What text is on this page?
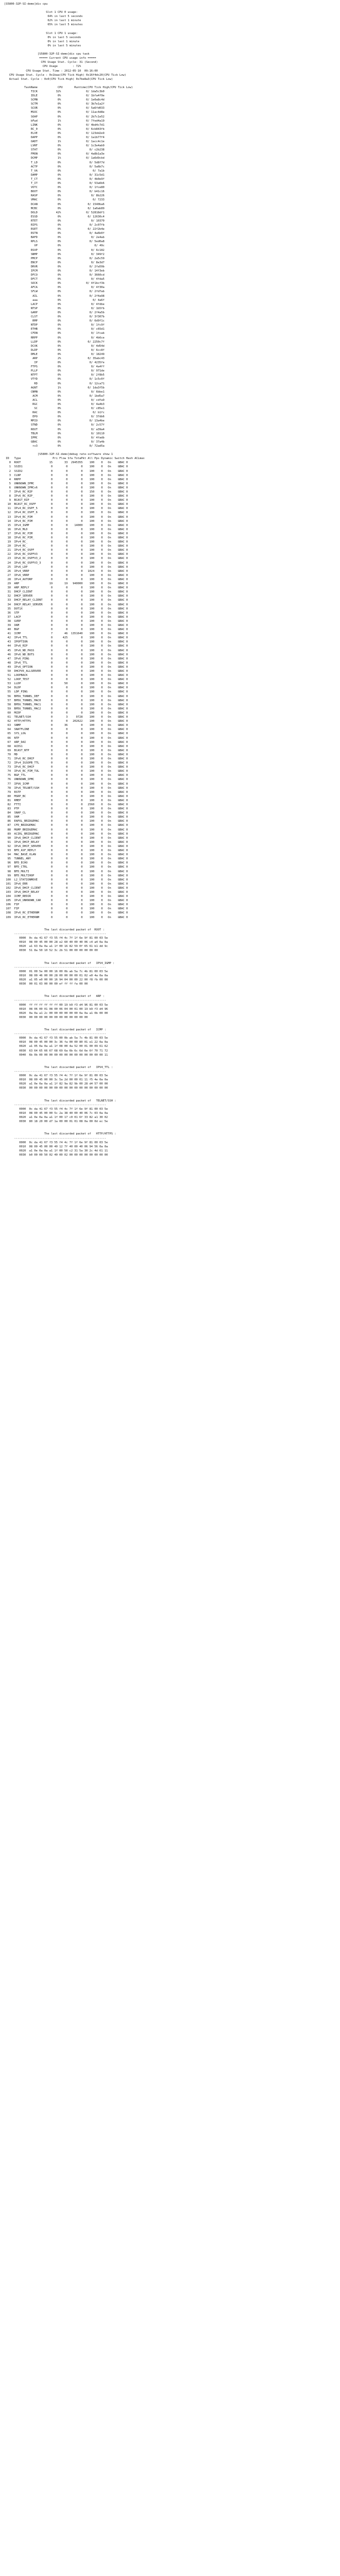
[S5800-32P-SI-demo]dis cpu
Slot 1 CPU 0 usage:
64% in last 5 seconds
62% in last 1 minute
65% in last 5 minutes
Slot 1 CPU 1 usage:
0% in last 5 seconds
0% in last 1 minute
0% in last 5 minutes
[S5800-32P-SI-demo]dis cpu task
===== Current CPU usage info =====
CPU Usage Stat. Cycle: 31 (Second)
CPU Usage         : 72%
CPU Usage Stat. Time : 2012-05-10  09:16:00
CPU Usage Stat. Cycle : 0x1baa(CPU Tick High) 0x16f4dc20(CPU Tick Low)
Actual Stat. Cycle : 0x0(CPU Tick High) 0x7be8a3(CPU Tick Low)
TaskName            CPU       Runtime(CPU Tick High/CPU Tick Low)
TICK           32%               0/ 1da5c3b0
IDLE            0%               0/ 1bfa4f9e
SCMN            0%               0/ 1e0a8c4d
SCTM            0%               0/ 3b7e1a2f
SCOR            0%               0/ 5a6fd033
MSOC            0%               0/ 11ac4d8e
SOAP            0%               0/ 2b7c1e52
bFwd            1%               0/ 7fed4a19
LINK            0%               0/ 4bd4c7d1
RC_0            0%               0/ 6cb843fb
ELVE            0%               0/ 123dd2e9
DAPP            0%               0/ 1a1b77f4
OADT            1%               0/ 1acc4c1e
LVRF            0%               0/ 1c3e4ab9
STAT            0%                 0/ c2b238
FMON            0%               0/ 4a8b1a3e
DCMP            1%               0/ 1a6d9cbd
T_LD            0%                 0/ 5d8f7d
ACTP            0%                 0/ 5a6b7c
T_VA            0%                   0/ 7a1b
DAMP            0%                 0/ 31c5d1
T_CT            0%                 0/ 4b0e9f
T_IT            0%                 0/ 53a6b6
VOTC            0%                 0/ 1fce80
BOOT            0%                 0/ b41c16
RASP            0%                  0/ 8b226
VMAC            0%                   0/ 7233
DCAN            0%                0/ 1540ba6
MCBC            0%                0/ 1a6ab89
DOLD           42%               0/ 52818df1
ESSD            0%                0/ 12630c4
RTET            0%                  0/ 10370
RIPS            0%                 0/ 2c07fb
RSET            0%                0/ 22f2b4e
RSTN            0%                 0/ 4a6b0f
BAFD            0%                  0/ 2e4ab
RPLS            0%                 0/ 5ed0a8
VP            0%                    0/ 49c
RSVP            0%                  0/ 6c182
SNMP            0%                  0/ 349f2
PMCP            0%                 0/ 2a5c59
ENCP            0%                  0/ 8e3d7
DRVR            0%                 0/ 2fa59b
IPCM            0%                 0/ 14f3eb
DFCO            0%                 0/ 3660cd
DFCT            0%                  0/ 4fda5
SOCK            0%               0/ 4f1bcf3b
AFCA            0%                  0/ 4f30a
SFLW            0%                 0/ 2fd7ab
AIL            0%                 0/ 2f4a98
aaa            0%                   0/ 4a6f
LACP            0%                  0/ 4fdbe
NTSP            0%                  0/ 1b5fb
GARP            0%                 0/ 2f4a5b
CLST            0%                 0/ 3f307b
RMP            0%                 0/ 6d9f1c
NTDP            0%                  0/ 1fc9f
ETHB            0%                  0/ c65d1
CFDN            0%                  0/ 1fcab
RRPP            0%                  0/ 4b6ce
LLDP            0%                0/ 2250c7f
DCXK            0%                  0/ 4d54d
DLDP            0%                  0/ 6cc8f
DMLE            0%                  0/ 18249
ARP            2%                0/ 35abc43
IP            0%                 0/ 4235fe
FTPS            0%                  0/ 4a4ff
PLLP            0%                  0/ 971de
NTPT            0%                  0/ 2f8b5
VTYD            0%                 0/ 1c5c0f
RD            0%                 0/ 12ca71
AGNT            1%                0/ 1da3f5b
CNMN            0%                  0/ 6bbe1
ACM            0%                 0/ 1bd5a7
ACL            0%                  0/ cdfa9
RGC            0%                  0/ 4a4b3
SC            0%                  0/ c85e1
RAC            0%                   0/ b1fc
EPO            0%                  0/ 37db6
MPIO            0%                 0/ 13a4be
STND            0%                  0/ 2c57f
ROUT            0%                  0/ a39a4
TBLM            0%                  0/ 10110
IPMC            0%                  0/ 4fadb
GBAC            0%                  0/ 37a4b
+v3            0%                 0/ 72ad5a
[S5800-32P-SI-demo]debug rate-software show 1
ID   Type                   Pri Flow Sfa TotaPkt All Pps Dynamic Switch Hash ACLmax
0  ROOT                 15       33  2945355    100    0   On    GBAC 0
1  SSID1                 0        0        0    100    0   On    GBAC 0
2  SSID2                 0        0        0    100    0   On    GBAC 0
3  CLNP                  0        0        0    100    0   On    GBAC 0
4  RRPP                  0        0        0    100    0   On    GBAC 0
5  UNKNOWN_IPMC          0        0        0    100    0   On    GBAC 0
6  UNKNOWN_IPMCv6        0        0        0    100    0   On    GBAC 0
7  IPv6_RC_RIP           0        0        0    150    0   On    GBAC 0
8  IPv6_RC_RIP_          0        0        0    100    0   On    GBAC 0
9  BCAST_RIP             0        0        0    100    0   On    GBAC 0
10  BCAST_RC_OSPF         0        0        0    100    0   On    GBAC 0
11  IPv4_RC_OSPF_5        0        0        0    100    0   On    GBAC 0
12  IPv4_RC_OSPF_6        0        0        0    100    0   On    GBAC 0
13  IPv4_RC_PIM           0        0        0    100    0   On    GBAC 0
14  IPv4_RC_PIM           0        0        0    100    0   On    GBAC 0
15  IPv4_IGMP             0        0    14000    100    0   On    GBAC 0
16  IPv6_MLD              0        0        0    100    0   On    GBAC 0
17  IPv6_RC_PIM           0        0        0    100    0   On    GBAC 0
18  IPv6_RC_PIM_          0        0        0    100    0   On    GBAC 0
19  IPv4_RC_              0        0        0    100    0   On    GBAC 0
20  IPv4_RC_              0        0        0    100    0   On    GBAC 0
21  IPv4_RC_OSPF          0        0        0    100    0   On    GBAC 0
22  IPv6_RC_OSPFV3        0        0        0    100    0   On    GBAC 0
23  IPv6_RC_OSPFV3_2      0        0        0    100    0   On    GBAC 0
24  IPv6_RC_OSPFV3_3      0        0        0    100    0   On    GBAC 0
25  IPv6_LDP              0        0        0    100    0   On    GBAC 0
26  IPv4_VRRP             0        0        0   1024    0   On    GBAC 0
27  IPv6_VRRP             0        0        0    100    0   On    GBAC 0
28  IPv4_AUTORP           0        0        0    100    0   On    GBAC 0
29  ARP                  19       19   940000    100    0   On    GBAC 0
30  ARP_REPLY             0        0        0    100    0   On    GBAC 0
31  DHCP_CLIENT           0        0        0    100    0   On    GBAC 0
32  DHCP_SERVER           0        0        0    100    0   On    GBAC 0
33  DHCP_RELAY_CLIENT     0        0        0    100    0   On    GBAC 0
34  DHCP_RELAY_SERVER     0        0        0    100    0   On    GBAC 0
35  DOT1X                 0        0        0    100    0   On    GBAC 0
36  STP                   0        0        0    100    0   On    GBAC 0
37  LACP                  0        0        0    100    0   On    GBAC 0
38  GVRP                  0        0        0    100    0   On    GBAC 0
39  OAM                   0        0        0    100    0   On    GBAC 0
40  BGP                   0        0        0    100    0   On    GBAC 0
41  ICMP                  7       46  1351640    100    0   On    GBAC 0
42  IPv4_TTL              0      425        0    100    0   On    GBAC 0
43  IPOPTION              0        0        0    100    0   On    GBAC 0
44  IPv6_RIP              0        0        0    100    0   On    GBAC 0
45  IPv6_ND_PASS          0        0        0    100    0   On    GBAC 0
46  IPv6_ND_BOTS          0        0        0    100    0   On    GBAC 0
47  IPv6_PING             0        0        0    100    0   On    GBAC 0
48  IPv6_TTL              0        0        0    100    0   On    GBAC 0
49  IPv6_OPTION           0        0        0    100    0   On    GBAC 0
50  DHCPV6_ALLSERVER      0        0        0    100    0   On    GBAC 0
51  LOOPBACK              0        0        0    100    0   On    GBAC 0
52  LOOP_TEST             0        0        0    100    0   On    GBAC 0
53  LLDP                  0       50        0    100    0   On    GBAC 0
54  DLDP                  0        0        0    100    0   On    GBAC 0
55  LDP_PING              0        0        0    100    0   On    GBAC 0
56  BPDU_TUNNEL_DEF       0        0        0    100    0   On    GBAC 0
57  BPDU_TUNNEL_MAC0      0        0        0    100    0   On    GBAC 0
58  BPDU_TUNNEL_MAC1      0        0        0    100    0   On    GBAC 0
59  BPDU_TUNNEL_MAC2      0        0        0    100    0   On    GBAC 0
60  MCDP                  0        0        0    100    0   On    GBAC 0
61  TELNET/SSH            0        3     9728    100    0   On    GBAC 0
62  HTTP/HTTPS            0        0   202622    100    0   On    GBAC 0
63  SNMP                  0       36        0    100    0   On    GBAC 0
64  SNATFLINE             0        0        0    100    0   On    GBAC 0
65  SYS_LOG               0        0        0    100    0   On    GBAC 0
66  NTP                   0        0        0    100    0   On    GBAC 0
67  ARP_DAI               0        0        0    100    0   On    GBAC 0
68  ACDS1                 0        0        0    100    0   On    GBAC 0
69  BCAST_NTP             0        0        0    100    0   On    GBAC 0
70  MD                    0        0        0    100    0   On    GBAC 0
71  IPv6_RC_DHCP          0        0        0    100    0   On    GBAC 0
72  IPv4_IGSOPB_TTL       0        0        0    100    0   On    GBAC 0
73  IPv6_RC_DHCP          0        0        0    100    0   On    GBAC 0
74  IPv6_RC_PIM_TUL       0        0        0    100    0   On    GBAC 0
75  BGP_TTL               0        0        0    100    0   On    GBAC 0
76  UNKNOWN_IPMC          0        0        0    100    0   On    GBAC 0
77  IPV6_ICMP             0        0        0    100    0   On    GBAC 0
78  IPv6_TELNET/SSH       0        0        0    100    0   On    GBAC 0
79  RSTP                  0        0        0    100    0   On    GBAC 0
80  MSRP_BC               0        0        0    100    0   On    GBAC 0
81  RMEP                  0        0        0    100    0   On    GBAC 0
82  FTTI                  0        0        0   2560    0   On    GBAC 0
83  PTP                   0        0        0    100    0   On    GBAC 0
84  SNAP_CL               0        0        0    100    0   On    GBAC 0
85  OAM                   0        0        0    100    0   On    GBAC 0
86  EAPOL_BRIDGEMAC       0        0        0    100    0   On    GBAC 0
87  CFD_BRIDGEMAC         0        0        0    100    0   On    GBAC 0
88  MGMP_BRIDGEMAC        0        0        0    100    0   On    GBAC 0
89  ACIRL_BRIDGEMAC       0        0        0    100    0   On    GBAC 0
90  IPv6_DHCP_CLIENT      0        0        0    100    0   On    GBAC 0
91  IPv6_DHCP_RELAY       0        0        0    100    0   On    GBAC 0
92  IPv6_DHCP_SERVER      0        0        0    100    0   On    GBAC 0
93  BFD_ASF_REPLY         0        0        0    100    0   On    GBAC 0
94  MAC_BASE_VLAN         0        0        0    100    0   On    GBAC 0
95  TUNNEL_ANY            0        0        0    100    0   On    GBAC 0
96  BFD_ECHO              0        0        0    100    0   On    GBAC 0
97  BFD_CTRL              0        0        0    100    0   On    GBAC 0
98  BFD_MULTI             0        0        0    100    0   On    GBAC 0
99  BFD_MULTIHOP          0        0        0    100    0   On    GBAC 0
100  L2_STATIONMOVE        0        0        0    100    0   On    GBAC 0
101  IPv6_ERR              0        0        0    100    0   On    GBAC 0
102  IPv6_DHCP_CLIENT      0        0        0    100    0   On    GBAC 0
103  IPv6_DHCP_RELAY       0        0        0    100    0   On    GBAC 0
104  ICMP_REDIR            0        0        0    100    0   On    GBAC 0
105  IPv6_UNKNOWN_CAR      0        0        0    100    0   On    GBAC 0
106  FIP                   0        0        0    100    0   On    GBAC 0
107  FIP                   0        0        0    100    0   On    GBAC 0
108  IPv6_RC_ETHERNM       0        0        0    100    0   On    GBAC 0
109  IPv6_RC_ETHERNM       0        0        0    100    0   On    GBAC 0
The last discarded packet of  ROOT :
-------------------------------------------------------
0000  0c da 41 67 f3 55 f4 4c 7f 1f 6e 9f 81 00 03 5e
0010  08 00 45 00 00 28 e2 60 40 00 40 06 c4 a4 0a 0a
0020  a1 63 0a 0a a1 1f 00 16 82 59 0f 65 61 b1 dd 9c
0030  51 8a 50 10 52 3c 2b 51 00 00 00 00 00 00
The last discarded packet of   IPV4_IGMP :
-------------------------------------------------------
0000  01 00 5e 00 00 16 00 0b ab 5a 7c 4b 81 00 03 5e
0010  08 00 46 00 00 28 00 00 00 00 01 02 e0 4a 0a 0a
0020  a1 05 e0 00 00 16 94 04 00 00 22 00 f8 fb 00 00
0030  00 01 03 00 00 00 ef ff ff fa 00 00
The last discarded packet of   ARP :
-------------------------------------------------------
0000  ff ff ff ff ff ff 00 19 b9 f3 d4 96 81 00 03 5e
0010  08 06 00 01 08 00 06 04 00 01 00 19 b9 f3 d4 96
0020  0a 0a a1 2c 00 00 00 00 00 00 0a 0a a1 0b 00 00
0030  00 00 00 00 00 00 00 00 00 00 00 00
The last discarded packet of   ICMP :
-------------------------------------------------------
0000  0c da 41 67 f3 55 00 0b ab 5a 7c 4b 81 00 03 5e
0010  08 00 45 00 00 3c 36 fa 00 00 80 01 e1 22 0a 0a
0020  a1 05 0a 0a a1 1f 08 00 4a 52 00 01 00 09 61 62
0030  63 64 65 66 67 68 69 6a 6b 6c 6d 6e 6f 70 71 72
0040  6b 0b 00 00 00 00 00 00 00 00 00 00 00 00 00 11
The last discarded packet of   IPV4_TTL :
-------------------------------------------------------
0000  0c da 41 67 f3 55 f4 4c 7f 1f 6e 9f 81 00 03 5e
0010  08 00 45 00 00 3c 5a 2d 00 00 01 11 f5 4e 0a 0a
0020  a1 0e 0a 0a a1 1f 82 9a 82 9b 00 28 d4 57 00 00
0030  00 00 00 00 00 00 00 00 00 00 00 00 00 00 00 00
The last discarded packet of   TELNET/SSH :
-------------------------------------------------------
0000  0c da 41 67 f3 55 f4 4c 7f 1f 6e 9f 81 00 03 5e
0010  08 00 45 00 00 5c 2a 38 40 00 40 06 7c 03 0a 0a
0020  a1 0e 0a 0a a1 1f 00 17 c0 01 6f 33 82 a1 30 02
0030  80 18 20 00 d7 1a 00 00 01 01 08 0a 00 0d ec 5e
The last discarded packet of   HTTP/HTTPS :
-------------------------------------------------------
0000  0c da 41 67 f3 55 f4 4c 7f 1f 6e 9f 81 00 03 5e
0010  08 00 45 00 00 40 12 7f 40 00 40 06 94 56 0a 0a
0020  a1 0e 0a 0a a1 1f 00 50 c2 31 5a 30 2c 4d 61 11
0030  b0 00 00 50 02 40 00 02 00 00 00 00 00 00 00 00
